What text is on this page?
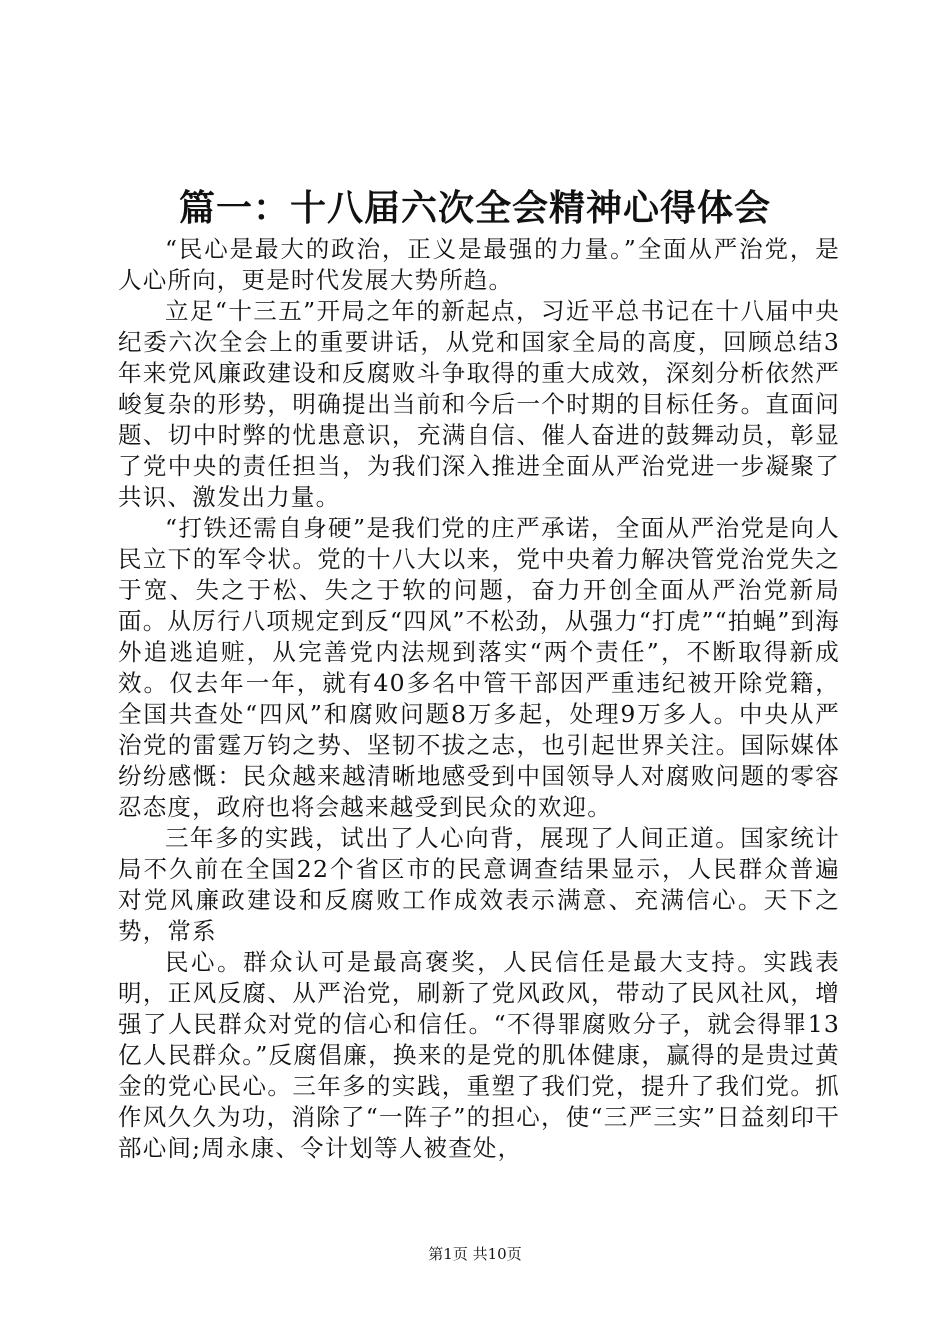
篇一：十八届六次全会精神心得体会

“民心是最大的政治，正义是最强的力量。”全面从严治党，是人心所向，更是时代发展大势所趋。

立足“十三五”开局之年的新起点，习近平总书记在十八届中央纪委六次全会上的重要讲话，从党和国家全局的高度，回顾总结3年来党风廉政建设和反腐败斗争取得的重大成效，深刻分析依然严峻复杂的形势，明确提出当前和今后一个时期的目标任务。直面问题、切中时弊的忧患意识，充满自信、催人奋进的鼓舞动员，彰显了党中央的责任担当，为我们深入推进全面从严治党进一步凝聚了共识、激发出力量。

“打铁还需自身硬”是我们党的庄严承诺，全面从严治党是向人民立下的军令状。党的十八大以来，党中央着力解决管党治党失之于宽、失之于松、失之于软的问题，奋力开创全面从严治党新局面。从厉行八项规定到反“四风”不松劲，从强力“打虎”“拍蝇”到海外追逃追赃，从完善党内法规到落实“两个责任”，不断取得新成效。仅去年一年，就有40多名中管干部因严重违纪被开除党籍，全国共查处“四风”和腐败问题8万多起，处理9万多人。中央从严治党的雷霆万钧之势、坚韧不拔之志，也引起世界关注。国际媒体纷纷感慨：民众越来越清晰地感受到中国领导人对腐败问题的零容忍态度，政府也将会越来越受到民众的欢迎。

三年多的实践，试出了人心向背，展现了人间正道。国家统计局不久前在全国22个省区市的民意调查结果显示，人民群众普遍对党风廉政建设和反腐败工作成效表示满意、充满信心。天下之势，常系

民心。群众认可是最高褒奖，人民信任是最大支持。实践表明，正风反腐、从严治党，刷新了党风政风，带动了民风社风，增强了人民群众对党的信心和信任。“不得罪腐败分子，就会得罪13亿人民群众。”反腐倡廉，换来的是党的肌体健康，赢得的是贵过黄金的党心民心。三年多的实践，重塑了我们党，提升了我们党。抓作风久久为功，消除了“一阵子”的担心，使“三严三实”日益刻印干部心间;周永康、令计划等人被查处，

第1页 共10页
